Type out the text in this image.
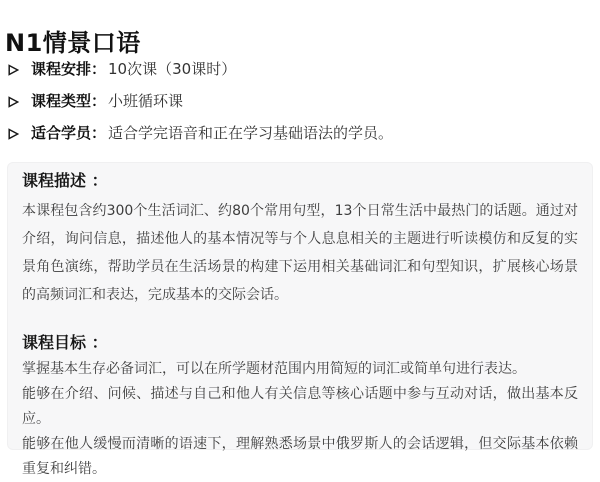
N1情景口语
课程安排： 10次课（30课时）
课程类型： 小班循环课
适合学员： 适合学完语音和正在学习基础语法的学员。
课程描述 ：

本课程包含约300个生活词汇、约80个常用句型，13个日常生活中最热门的话题。通过对介绍，询问信息，描述他人的基本情况等与个人息息相关的主题进行听读模仿和反复的实景角色演练，帮助学员在生活场景的构建下运用相关基础词汇和句型知识，扩展核心场景的高频词汇和表达，完成基本的交际会话。

课程目标 ：

掌握基本生存必备词汇，可以在所学题材范围内用简短的词汇或简单句进行表达。

能够在介绍、问候、描述与自己和他人有关信息等核心话题中参与互动对话，做出基本反应。

能够在他人缓慢而清晰的语速下，理解熟悉场景中俄罗斯人的会话逻辑，但交际基本依赖重复和纠错。
